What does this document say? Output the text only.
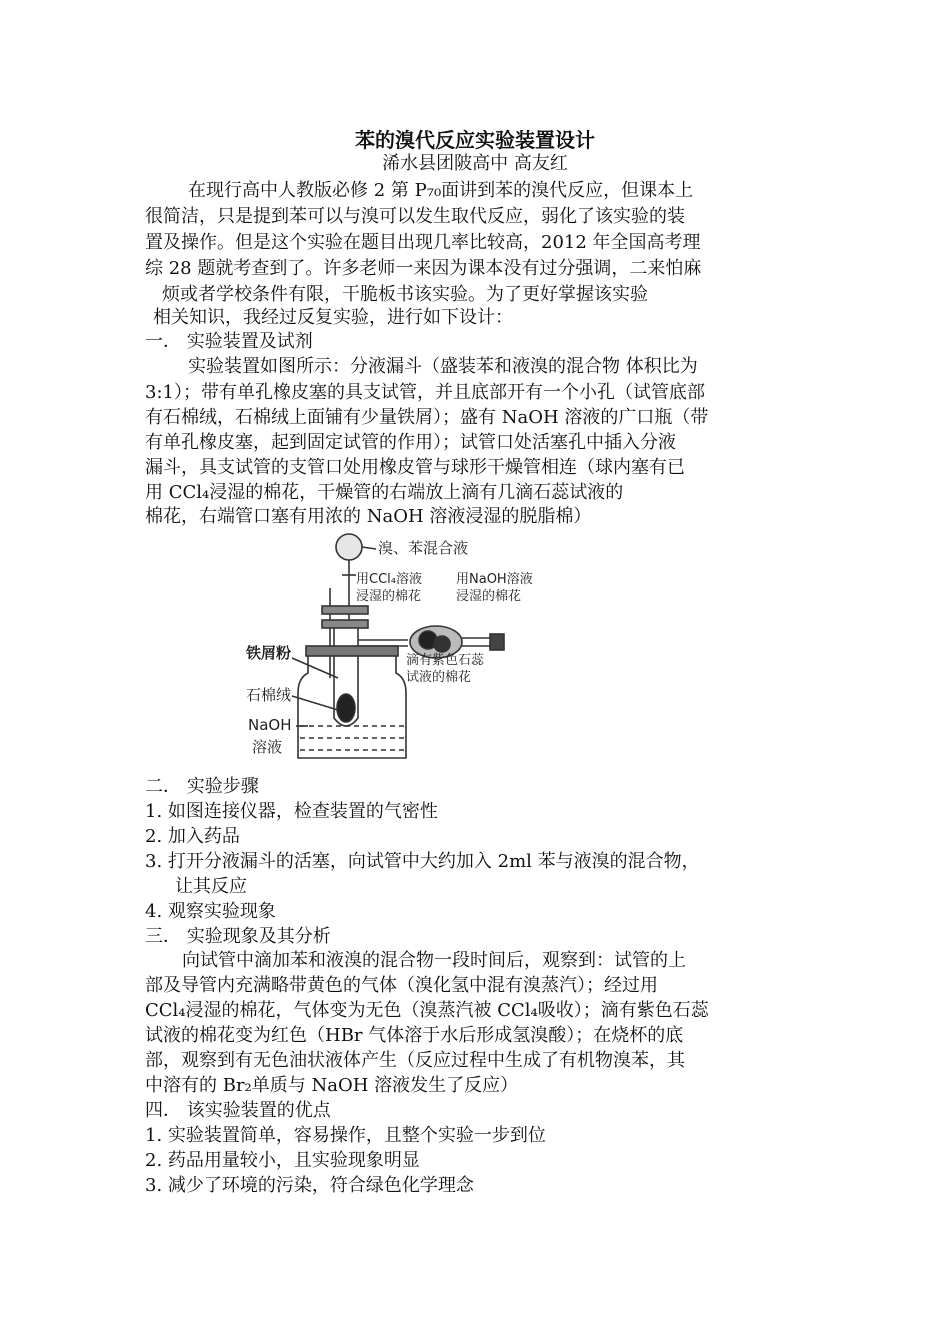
苯的溴代反应实验装置设计
浠水县团陂高中 高友红
在现行高中人教版必修 2 第 P₇₀面讲到苯的溴代反应，但课本上
很简洁，只是提到苯可以与溴可以发生取代反应，弱化了该实验的装
置及操作。但是这个实验在题目出现几率比较高，2012 年全国高考理
综 28 题就考查到了。许多老师一来因为课本没有过分强调，二来怕麻
烦或者学校条件有限，干脆板书该实验。为了更好掌握该实验
相关知识，我经过反复实验，进行如下设计：
一． 实验装置及试剂
实验装置如图所示：分液漏斗（盛装苯和液溴的混合物 体积比为
3:1）；带有单孔橡皮塞的具支试管，并且底部开有一个小孔（试管底部
有石棉绒，石棉绒上面铺有少量铁屑）；盛有 NaOH 溶液的广口瓶（带
有单孔橡皮塞，起到固定试管的作用）；试管口处活塞孔中插入分液
漏斗，具支试管的支管口处用橡皮管与球形干燥管相连（球内塞有已
用 CCl₄浸湿的棉花，干燥管的右端放上滴有几滴石蕊试液的
棉花，右端管口塞有用浓的 NaOH 溶液浸湿的脱脂棉）
溴、苯混合液
用CCl₄溶液
浸湿的棉花
用NaOH溶液
浸湿的棉花
滴有紫色石蕊
试液的棉花
铁屑粉
石棉绒
NaOH
溶液
二． 实验步骤
1. 如图连接仪器，检查装置的气密性
2. 加入药品
3. 打开分液漏斗的活塞，向试管中大约加入 2ml 苯与液溴的混合物，
让其反应
4. 观察实验现象
三． 实验现象及其分析
向试管中滴加苯和液溴的混合物一段时间后，观察到：试管的上
部及导管内充满略带黄色的气体（溴化氢中混有溴蒸汽）；经过用
CCl₄浸湿的棉花，气体变为无色（溴蒸汽被 CCl₄吸收）；滴有紫色石蕊
试液的棉花变为红色（HBr 气体溶于水后形成氢溴酸）；在烧杯的底
部，观察到有无色油状液体产生（反应过程中生成了有机物溴苯，其
中溶有的 Br₂单质与 NaOH 溶液发生了反应）
四． 该实验装置的优点
1. 实验装置简单，容易操作，且整个实验一步到位
2. 药品用量较小，且实验现象明显
3. 减少了环境的污染，符合绿色化学理念
